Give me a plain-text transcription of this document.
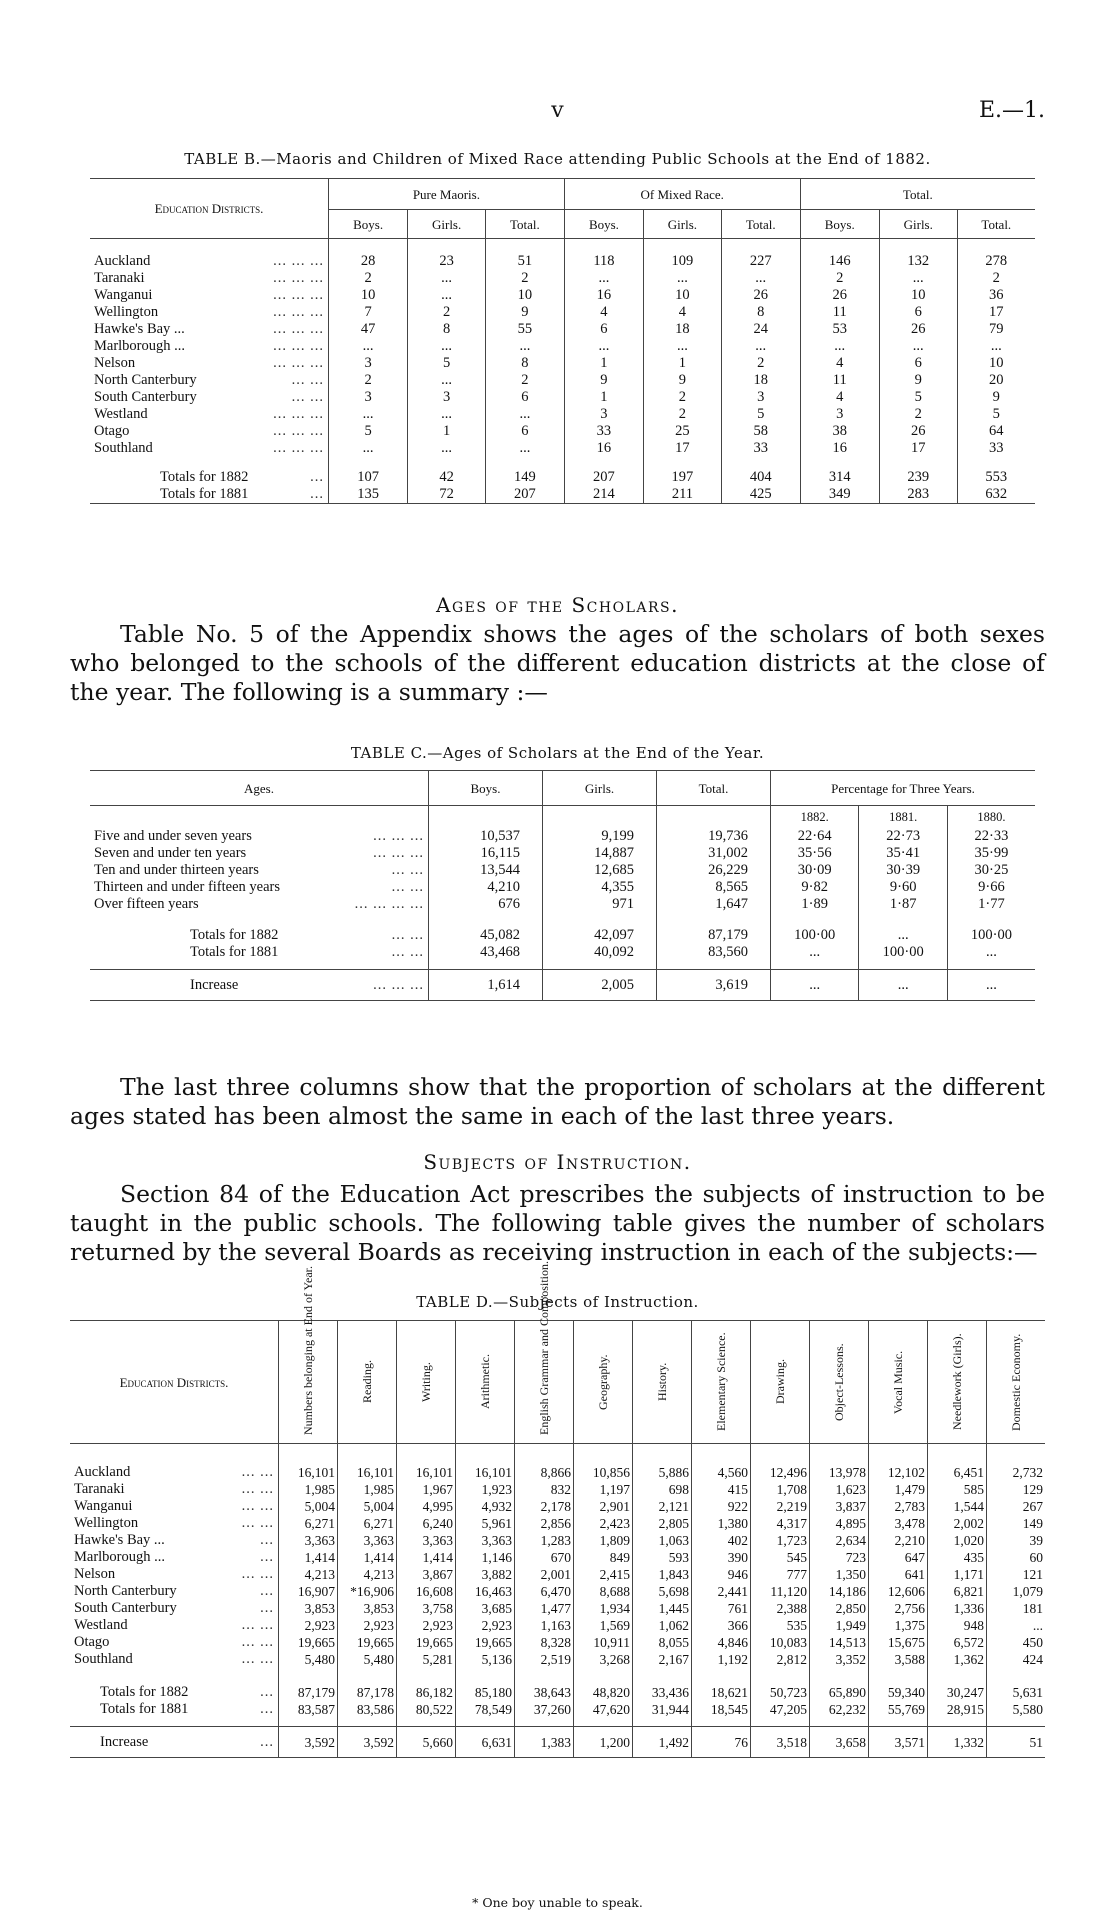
v	E.—1.
TABLE B.—Maoris and Children of Mixed Race attending Public Schools at the End of 1882.
Education Districts.	Pure Maoris.			Of Mixed Race.			Total.		
	Boys.	Girls.	Total.	Boys.	Girls.	Total.	Boys.	Girls.	Total.

Auckland ... ... ...	28	23	51	118	109	227	146	132	278
Taranaki ... ... ...	2	...	2	...	...	...	2	...	2
Wanganui ... ... ...	10	...	10	16	10	26	26	10	36
Wellington ... ... ...	7	2	9	4	4	8	11	6	17
Hawke's Bay ... ... ... ...	47	8	55	6	18	24	53	26	79
Marlborough ... ... ... ...	...	...	...	...	...	...	...	...	...
Nelson ... ... ...	3	5	8	1	1	2	4	6	10
North Canterbury ... ...	2	...	2	9	9	18	11	9	20
South Canterbury ... ...	3	3	6	1	2	3	4	5	9
Westland ... ... ...	...	...	...	3	2	5	3	2	5
Otago ... ... ...	5	1	6	33	25	58	38	26	64
Southland ... ... ...	...	...	...	16	17	33	16	17	33

Totals for 1882 ...	107	42	149	207	197	404	314	239	553
Totals for 1881 ...	135	72	207	214	211	425	349	283	632
Ages of the Scholars.
Table No. 5 of the Appendix shows the ages of the scholars of both sexes who belonged to the schools of the different education districts at the close of the year. The following is a summary :—
TABLE C.—Ages of Scholars at the End of the Year.
Ages.	Boys.	Girls.	Total.	Percentage for Three Years.		
				1882.	1881.	1880.
Five and under seven years ... ... ...	10,537	9,199	19,736	22·64	22·73	22·33
Seven and under ten years ... ... ...	16,115	14,887	31,002	35·56	35·41	35·99
Ten and under thirteen years ... ...	13,544	12,685	26,229	30·09	30·39	30·25
Thirteen and under fifteen years ... ...	4,210	4,355	8,565	9·82	9·60	9·66
Over fifteen years ... ... ... ...	676	971	1,647	1·89	1·87	1·77

Totals for 1882 ... ...	45,082	42,097	87,179	100·00	...	100·00
Totals for 1881 ... ...	43,468	40,092	83,560	...	100·00	...

Increase ... ... ...	1,614	2,005	3,619	...	...	...
The last three columns show that the proportion of scholars at the different ages stated has been almost the same in each of the last three years.
Subjects of Instruction.
Section 84 of the Education Act prescribes the subjects of instruction to be taught in the public schools. The following table gives the number of scholars returned by the several Boards as receiving instruction in each of the subjects:—
TABLE D.—Subjects of Instruction.
Education Districts.	Numbers belonging at End of Year.	Reading.	Writing.	Arithmetic.	English Grammar and Composition.	Geography.	History.	Elementary Science.	Drawing.	Object-Lessons.	Vocal Music.	Needlework (Girls).	Domestic Economy.

Auckland ... ...	16,101	16,101	16,101	16,101	8,866	10,856	5,886	4,560	12,496	13,978	12,102	6,451	2,732
Taranaki ... ...	1,985	1,985	1,967	1,923	832	1,197	698	415	1,708	1,623	1,479	585	129
Wanganui ... ...	5,004	5,004	4,995	4,932	2,178	2,901	2,121	922	2,219	3,837	2,783	1,544	267
Wellington ... ...	6,271	6,271	6,240	5,961	2,856	2,423	2,805	1,380	4,317	4,895	3,478	2,002	149
Hawke's Bay ... ...	3,363	3,363	3,363	3,363	1,283	1,809	1,063	402	1,723	2,634	2,210	1,020	39
Marlborough ... ...	1,414	1,414	1,414	1,146	670	849	593	390	545	723	647	435	60
Nelson ... ...	4,213	4,213	3,867	3,882	2,001	2,415	1,843	946	777	1,350	641	1,171	121
North Canterbury ...	16,907	*16,906	16,608	16,463	6,470	8,688	5,698	2,441	11,120	14,186	12,606	6,821	1,079
South Canterbury ...	3,853	3,853	3,758	3,685	1,477	1,934	1,445	761	2,388	2,850	2,756	1,336	181
Westland ... ...	2,923	2,923	2,923	2,923	1,163	1,569	1,062	366	535	1,949	1,375	948	...
Otago ... ...	19,665	19,665	19,665	19,665	8,328	10,911	8,055	4,846	10,083	14,513	15,675	6,572	450
Southland ... ...	5,480	5,480	5,281	5,136	2,519	3,268	2,167	1,192	2,812	3,352	3,588	1,362	424

Totals for 1882 ...	87,179	87,178	86,182	85,180	38,643	48,820	33,436	18,621	50,723	65,890	59,340	30,247	5,631
Totals for 1881 ...	83,587	83,586	80,522	78,549	37,260	47,620	31,944	18,545	47,205	62,232	55,769	28,915	5,580

Increase ...	3,592	3,592	5,660	6,631	1,383	1,200	1,492	76	3,518	3,658	3,571	1,332	51
* One boy unable to speak.
